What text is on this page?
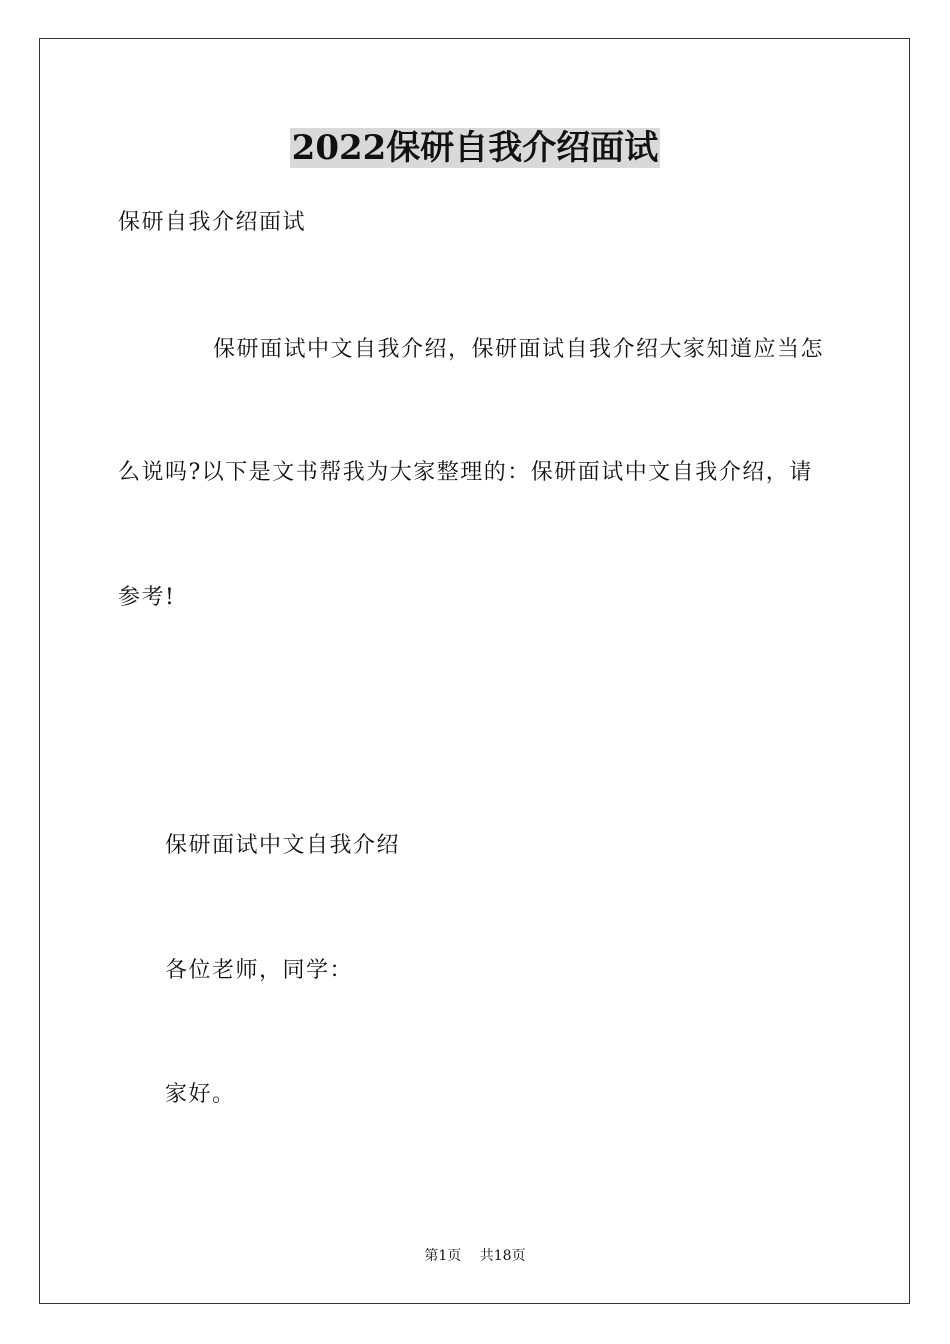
2022保研自我介绍面试
保研自我介绍面试
保研面试中文自我介绍，保研面试自我介绍大家知道应当怎
么说吗?以下是文书帮我为大家整理的：保研面试中文自我介绍，请
参考!
保研面试中文自我介绍
各位老师，同学：
家好。
第1页 共18页
